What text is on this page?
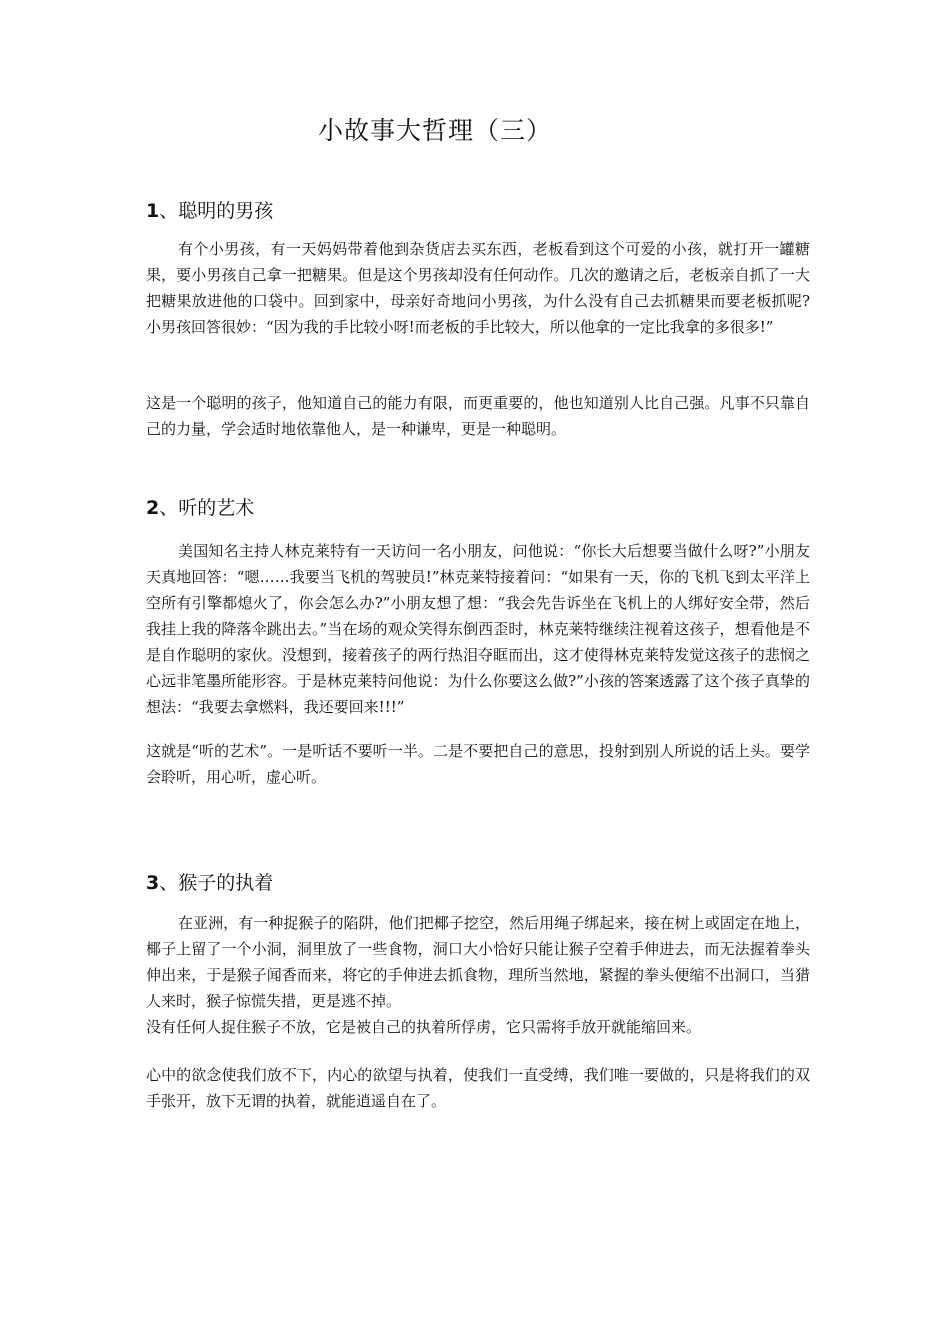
小故事大哲理（三）
1、聪明的男孩

有个小男孩，有一天妈妈带着他到杂货店去买东西，老板看到这个可爱的小孩，就打开一罐糖果，要小男孩自己拿一把糖果。但是这个男孩却没有任何动作。几次的邀请之后，老板亲自抓了一大把糖果放进他的口袋中。回到家中，母亲好奇地问小男孩，为什么没有自己去抓糖果而要老板抓呢?小男孩回答很妙：“因为我的手比较小呀!而老板的手比较大，所以他拿的一定比我拿的多很多!”

这是一个聪明的孩子，他知道自己的能力有限，而更重要的，他也知道别人比自己强。凡事不只靠自己的力量，学会适时地依靠他人，是一种谦卑，更是一种聪明。

2、听的艺术

美国知名主持人林克莱特有一天访问一名小朋友，问他说：“你长大后想要当做什么呀?”小朋友天真地回答：“嗯……我要当飞机的驾驶员!”林克莱特接着问：“如果有一天，你的飞机飞到太平洋上空所有引擎都熄火了，你会怎么办?”小朋友想了想：“我会先告诉坐在飞机上的人绑好安全带，然后我挂上我的降落伞跳出去。”当在场的观众笑得东倒西歪时，林克莱特继续注视着这孩子，想看他是不是自作聪明的家伙。没想到，接着孩子的两行热泪夺眶而出，这才使得林克莱特发觉这孩子的悲悯之心远非笔墨所能形容。于是林克莱特问他说：为什么你要这么做?”小孩的答案透露了这个孩子真挚的想法：“我要去拿燃料，我还要回来!!!”

这就是“听的艺术”。一是听话不要听一半。二是不要把自己的意思，投射到别人所说的话上头。要学会聆听，用心听，虚心听。

3、猴子的执着

在亚洲，有一种捉猴子的陷阱，他们把椰子挖空，然后用绳子绑起来，接在树上或固定在地上，椰子上留了一个小洞，洞里放了一些食物，洞口大小恰好只能让猴子空着手伸进去，而无法握着拳头伸出来，于是猴子闻香而来，将它的手伸进去抓食物，理所当然地，紧握的拳头便缩不出洞口，当猎人来时，猴子惊慌失措，更是逃不掉。

没有任何人捉住猴子不放，它是被自己的执着所俘虏，它只需将手放开就能缩回来。

心中的欲念使我们放不下，内心的欲望与执着，使我们一直受缚，我们唯一要做的，只是将我们的双手张开，放下无谓的执着，就能逍遥自在了。
